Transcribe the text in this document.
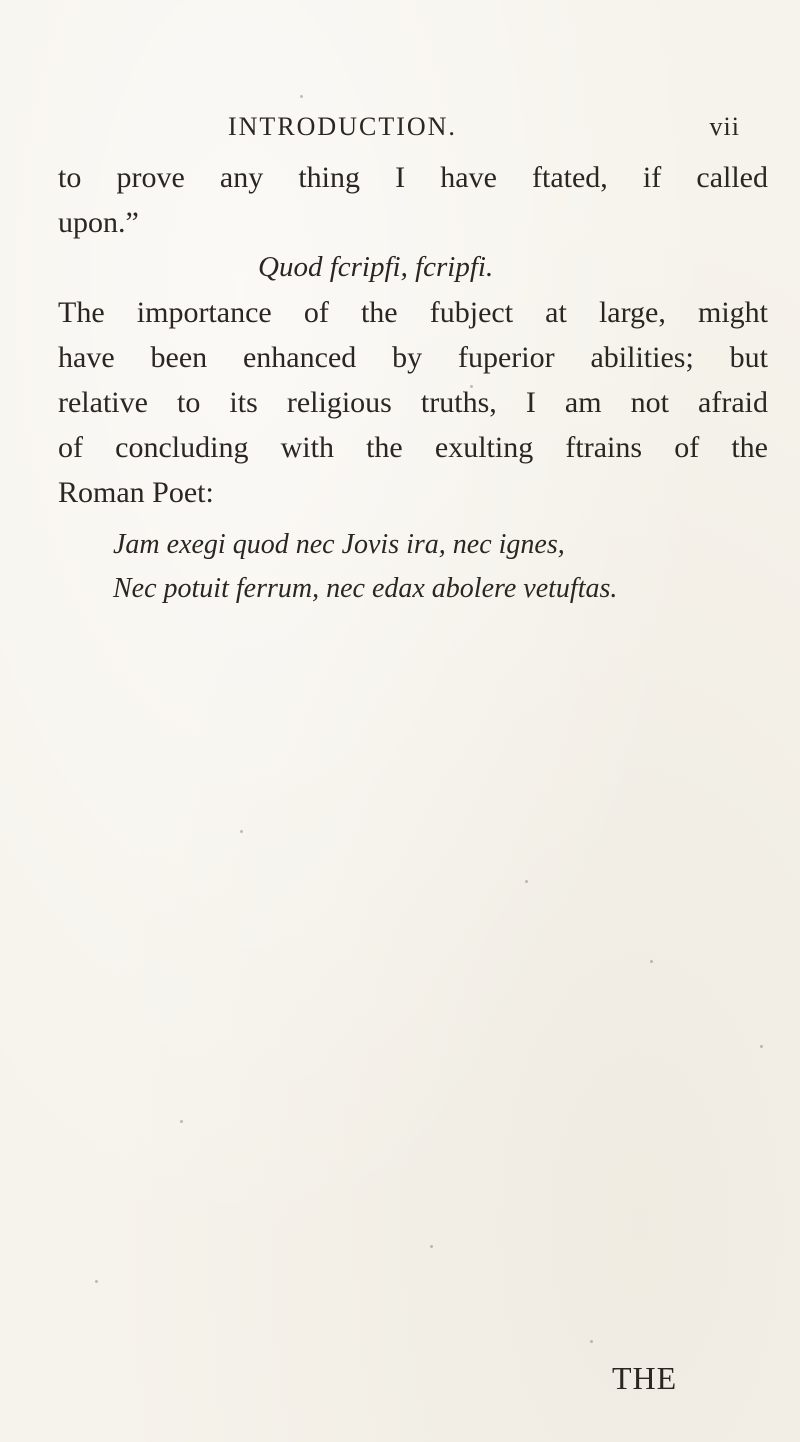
INTRODUCTION.	vii
to prove any thing I have ftated, if called
upon.”
Quod fcripfi, fcripfi.
The importance of the fubject at large, might
have been enhanced by fuperior abilities; but
relative to its religious truths, I am not afraid
of concluding with the exulting ftrains of the
Roman Poet:
Jam exegi quod nec Jovis ira, nec ignes,
Nec potuit ferrum, nec edax abolere vetuftas.
THE
